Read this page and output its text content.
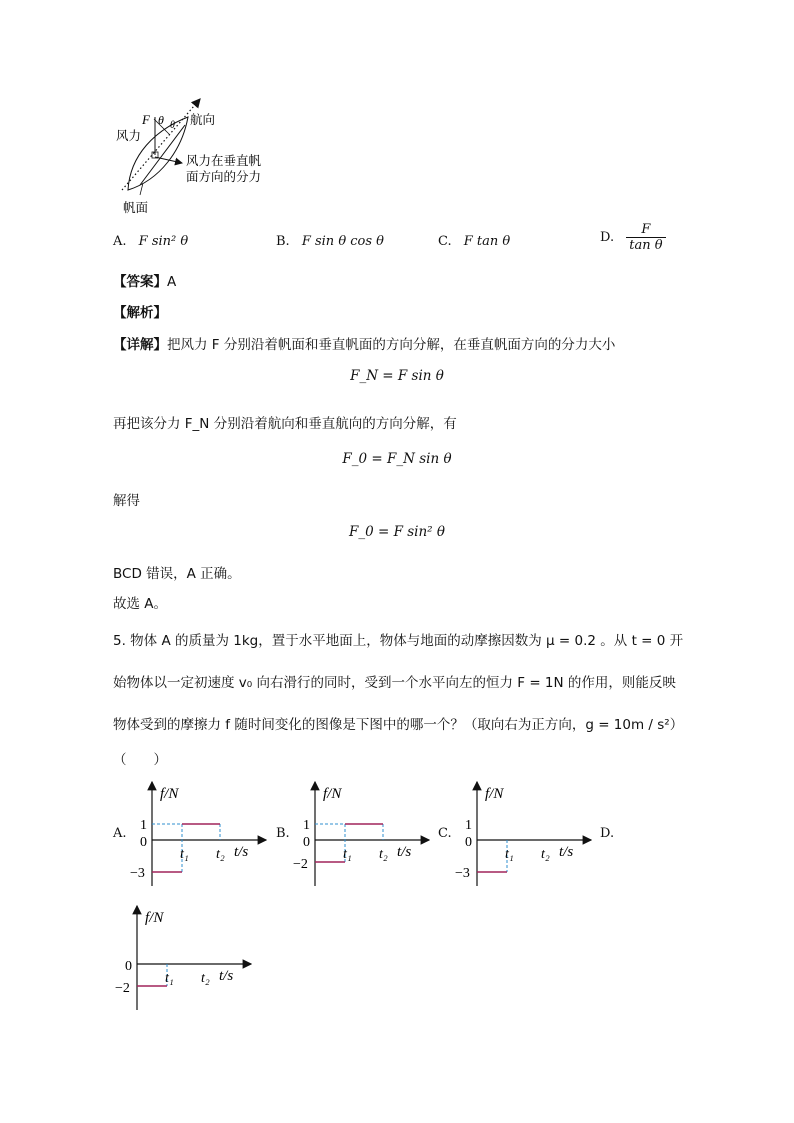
F θ θ
风力
航向
风力在垂直帆
面方向的分力
帆面
A. F sin² θ	B. F sin θ cos θ	C. F tan θ	D. $\frac{F}{\text{tan θ}}$
【答案】A
【解析】
【详解】把风力 F 分别沿着帆面和垂直帆面的方向分解，在垂直帆面方向的分力大小
F_N = F sin θ
再把该分力 F_N 分别沿着航向和垂直航向的方向分解，有
F_0 = F_N sin θ
解得
F_0 = F sin² θ
BCD 错误，A 正确。
故选 A。
5. 物体 A 的质量为 1kg，置于水平地面上，物体与地面的动摩擦因数为 μ = 0.2 。从 t = 0 开
始物体以一定初速度 v₀ 向右滑行的同时，受到一个水平向左的恒力 F = 1N 的作用，则能反映
物体受到的摩擦力 f 随时间变化的图像是下图中的哪一个？（取向右为正方向，g = 10m / s²）
（　　）
A.
f/N
1
0
−3
t₁ t₂ t/s
B.
f/N
1
0
−2
t₁ t₂ t/s
C.
f/N
1
0
−3
t₁ t₂ t/s
D.
f/N
0
−2
t₁ t₂ t/s
